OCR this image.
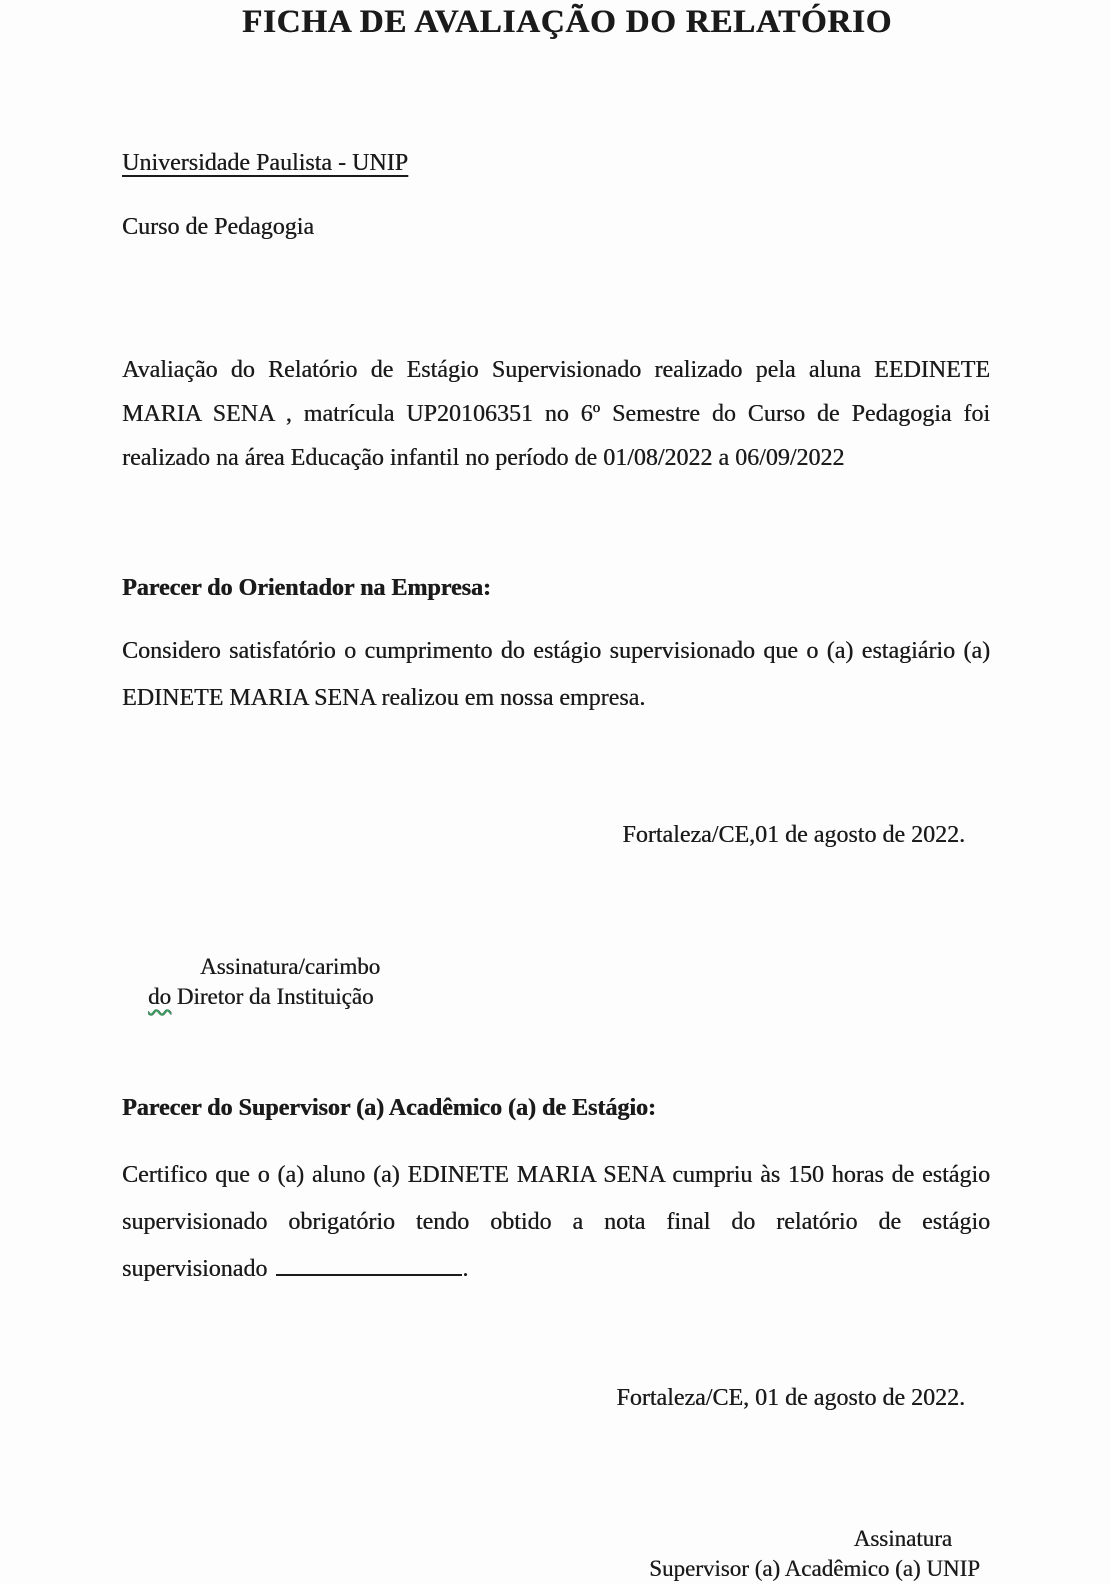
FICHA DE AVALIAÇÃO DO RELATÓRIO
Universidade Paulista - UNIP
Curso de Pedagogia

Avaliação do Relatório de Estágio Supervisionado realizado pela aluna EEDINETE MARIA SENA , matrícula UP20106351 no 6º Semestre do Curso de Pedagogia foi realizado na área Educação infantil no período de 01/08/2022 a 06/09/2022

Parecer do Orientador na Empresa:

Considero satisfatório o cumprimento do estágio supervisionado que o (a) estagiário (a) EDINETE MARIA SENA realizou em nossa empresa.

Fortaleza/CE,01 de agosto de 2022.
Assinatura/carimbo
do Diretor da Instituição
Parecer do Supervisor (a) Acadêmico (a) de Estágio:

Certifico que o (a) aluno (a) EDINETE MARIA SENA cumpriu às 150 horas de estágio supervisionado obrigatório tendo obtido a nota final do relatório de estágio supervisionado	.

Fortaleza/CE, 01 de agosto de 2022.
Assinatura
Supervisor (a) Acadêmico (a) UNIP
